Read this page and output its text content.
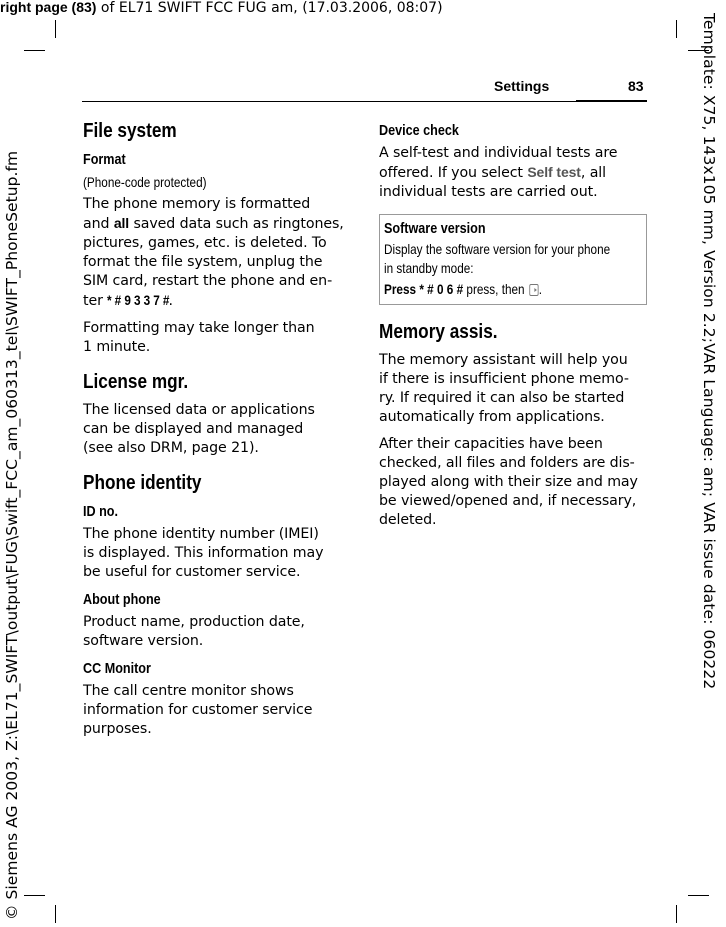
right page (83) of EL71 SWIFT FCC FUG am, (17.03.2006, 08:07)
Template: X75, 143x105 mm, Version 2.2;VAR Language: am; VAR issue date: 060222
© Siemens AG 2003, Z:\EL71_SWIFT\output\FUG\Swift_FCC_am_060313_tel\SWIFT_PhoneSetup.fm
Settings	83
File system
Format
(Phone-code protected)
The phone memory is formatted
and all saved data such as ringtones,
pictures, games, etc. is deleted. To
format the file system, unplug the
SIM card, restart the phone and en-
ter * # 9 3 3 7 #.
Formatting may take longer than
1 minute.
License mgr.
The licensed data or applications
can be displayed and managed
(see also DRM, page 21).
Phone identity
ID no.
The phone identity number (IMEI)
is displayed. This information may
be useful for customer service.
About phone
Product name, production date,
software version.
CC Monitor
The call centre monitor shows
information for customer service
purposes.
Device check
A self-test and individual tests are
offered. If you select Self test, all
individual tests are carried out.
Software version
Display the software version for your phone
in standby mode:
Press * # 0 6 # press, then .
Memory assis.
The memory assistant will help you
if there is insufficient phone memo-
ry. If required it can also be started
automatically from applications.
After their capacities have been
checked, all files and folders are dis-
played along with their size and may
be viewed/opened and, if necessary,
deleted.
